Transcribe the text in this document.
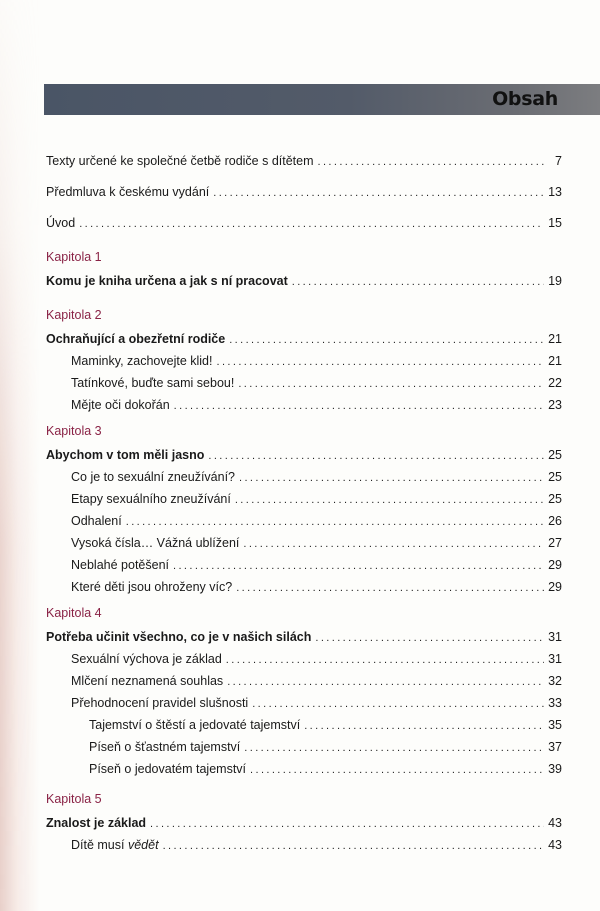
Obsah
Texty určené ke společné četbě rodiče s dítětem .....	7
Předmluva k českému vydání .....	13
Úvod .....	15
Kapitola 1
Komu je kniha určena a jak s ní pracovat .....	19
Kapitola 2
Ochraňující a obezřetní rodiče .....	21
Maminky, zachovejte klid! .....	21
Tatínkové, buďte sami sebou! .....	22
Mějte oči dokořán .....	23
Kapitola 3
Abychom v tom měli jasno .....	25
Co je to sexuální zneužívání? .....	25
Etapy sexuálního zneužívání .....	25
Odhalení .....	26
Vysoká čísla… Vážná ublížení .....	27
Neblahé potěšení .....	29
Které děti jsou ohroženy víc? .....	29
Kapitola 4
Potřeba učinit všechno, co je v našich silách .....	31
Sexuální výchova je základ .....	31
Mlčení neznamená souhlas .....	32
Přehodnocení pravidel slušnosti .....	33
Tajemství o štěstí a jedovaté tajemství .....	35
Píseň o šťastném tajemství .....	37
Píseň o jedovatém tajemství .....	39
Kapitola 5
Znalost je základ .....	43
Dítě musí vědět .....	43
